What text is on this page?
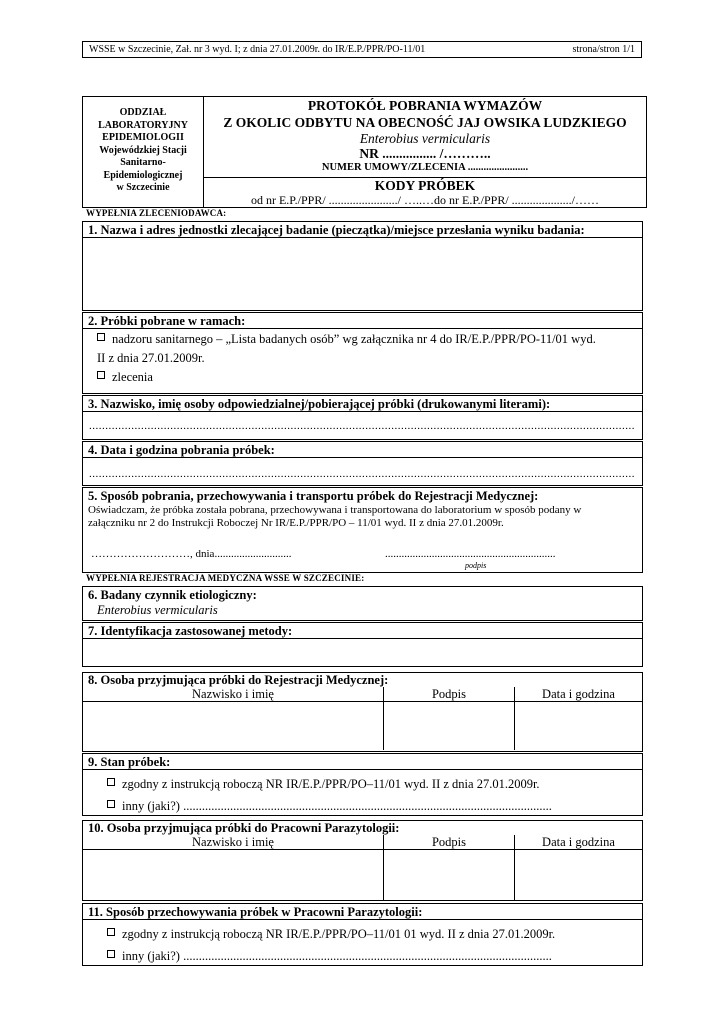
WSSE w Szczecinie, Zał. nr 3 wyd. I; z dnia 27.01.2009r. do IR/E.P./PPR/PO-11/01	strona/stron 1/1
ODDZIAŁ
LABORATORYJNY
EPIDEMIOLOGII
Wojewódzkiej Stacji
Sanitarno-
Epidemiologicznej
w Szczecinie
PROTOKÓŁ POBRANIA WYMAZÓW
Z OKOLIC ODBYTU NA OBECNOŚĆ JAJ OWSIKA LUDZKIEGO
Enterobius vermicularis
NR ................ /………..
NUMER UMOWY/ZLECENIA .......................
KODY PRÓBEK
od nr E.P./PPR/ ......................./ …..…do nr E.P./PPR/ ..................../……
WYPEŁNIA ZLECENIODAWCA:
1. Nazwa i adres jednostki zlecającej badanie (pieczątka)/miejsce przesłania wyniku badania:
2. Próbki pobrane w ramach:
nadzoru sanitarnego – „Lista badanych osób” wg załącznika nr 4 do IR/E.P./PPR/PO-11/01 wyd.
II z dnia 27.01.2009r.
zlecenia
3. Nazwisko, imię osoby odpowiedzialnej/pobierającej próbki (drukowanymi literami):
........................................................................................................................................................................
4. Data i godzina pobrania próbek:
........................................................................................................................................................................
5. Sposób pobrania, przechowywania i transportu próbek do Rejestracji Medycznej:
Oświadczam, że próbka została pobrana, przechowywana i transportowana do laboratorium w sposób podany w
załączniku nr 2 do Instrukcji Roboczej Nr IR/E.P./PPR/PO – 11/01 wyd. II z dnia 27.01.2009r.
………………………, dnia............................	..............................................................
podpis
WYPEŁNIA REJESTRACJA MEDYCZNA WSSE W SZCZECINIE:
6. Badany czynnik etiologiczny:
Enterobius vermicularis
7. Identyfikacja zastosowanej metody:
8. Osoba przyjmująca próbki do Rejestracji Medycznej:
Nazwisko i imię	Podpis	Data i godzina
9. Stan próbek:
zgodny z instrukcją roboczą NR IR/E.P./PPR/PO–11/01 wyd. II z dnia 27.01.2009r.
inny (jaki?) ......................................................................................................................
10. Osoba przyjmująca próbki do Pracowni Parazytologii:
Nazwisko i imię	Podpis	Data i godzina
11. Sposób przechowywania próbek w Pracowni Parazytologii:
zgodny z instrukcją roboczą NR IR/E.P./PPR/PO–11/01 01 wyd. II z dnia 27.01.2009r.
inny (jaki?) ......................................................................................................................
